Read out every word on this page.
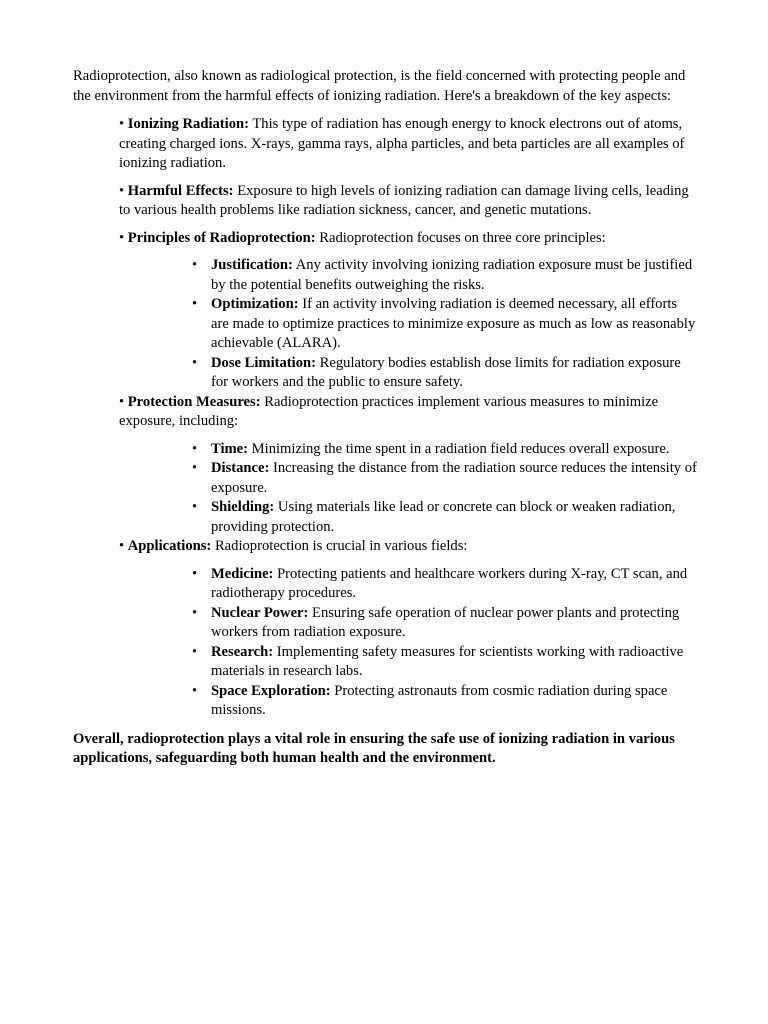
Radioprotection, also known as radiological protection, is the field concerned with protecting people and the environment from the harmful effects of ionizing radiation. Here's a breakdown of the key aspects:

• Ionizing Radiation: This type of radiation has enough energy to knock electrons out of atoms, creating charged ions. X-rays, gamma rays, alpha particles, and beta particles are all examples of ionizing radiation.
• Harmful Effects: Exposure to high levels of ionizing radiation can damage living cells, leading to various health problems like radiation sickness, cancer, and genetic mutations.
• Principles of Radioprotection: Radioprotection focuses on three core principles:
• Justification: Any activity involving ionizing radiation exposure must be justified by the potential benefits outweighing the risks.
• Optimization: If an activity involving radiation is deemed necessary, all efforts are made to optimize practices to minimize exposure as much as low as reasonably achievable (ALARA).
• Dose Limitation: Regulatory bodies establish dose limits for radiation exposure for workers and the public to ensure safety.
• Protection Measures: Radioprotection practices implement various measures to minimize exposure, including:
• Time: Minimizing the time spent in a radiation field reduces overall exposure.
• Distance: Increasing the distance from the radiation source reduces the intensity of exposure.
• Shielding: Using materials like lead or concrete can block or weaken radiation, providing protection.
• Applications: Radioprotection is crucial in various fields:
• Medicine: Protecting patients and healthcare workers during X-ray, CT scan, and radiotherapy procedures.
• Nuclear Power: Ensuring safe operation of nuclear power plants and protecting workers from radiation exposure.
• Research: Implementing safety measures for scientists working with radioactive materials in research labs.
• Space Exploration: Protecting astronauts from cosmic radiation during space missions.

Overall, radioprotection plays a vital role in ensuring the safe use of ionizing radiation in various applications, safeguarding both human health and the environment.
